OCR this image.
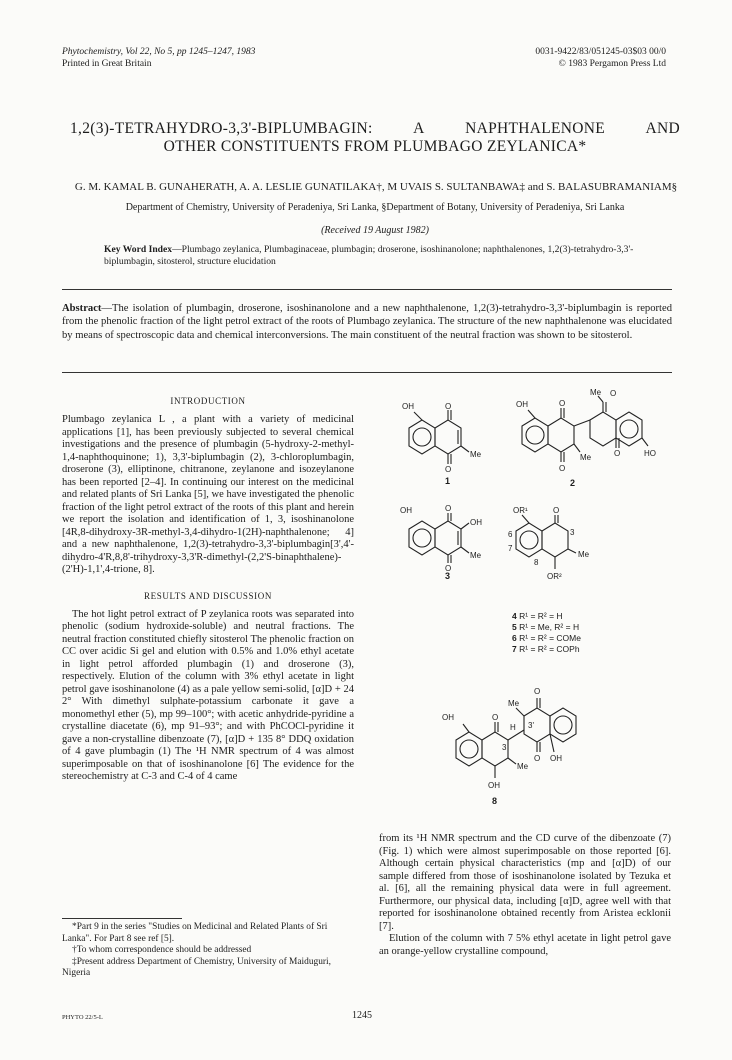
Phytochemistry, Vol 22, No 5, pp 1245–1247, 1983
Printed in Great Britain
0031-9422/83/051245-03$03 00/0
© 1983 Pergamon Press Ltd
1,2(3)-TETRAHYDRO-3,3'-BIPLUMBAGIN:	A	NAPHTHALENONE	AND
OTHER CONSTITUENTS FROM PLUMBAGO ZEYLANICA*
G. M. KAMAL B. GUNAHERATH, A. A. LESLIE GUNATILAKA†, M UVAIS S. SULTANBAWA‡ and S. BALASUBRAMANIAM§
Department of Chemistry, University of Peradeniya, Sri Lanka, §Department of Botany, University of Peradeniya, Sri Lanka
(Received 19 August 1982)
Key Word Index—Plumbago zeylanica, Plumbaginaceae, plumbagin; droserone, isoshinanolone; naphthalenones, 1,2(3)-tetrahydro-3,3'-biplumbagin, sitosterol, structure elucidation
Abstract—The isolation of plumbagin, droserone, isoshinanolone and a new naphthalenone, 1,2(3)-tetrahydro-3,3'-biplumbagin is reported from the phenolic fraction of the light petrol extract of the roots of Plumbago zeylanica. The structure of the new naphthalenone was elucidated by means of spectroscopic data and chemical interconversions. The main constituent of the neutral fraction was shown to be sitosterol.
INTRODUCTION

Plumbago zeylanica L , a plant with a variety of medicinal applications [1], has been previously subjected to several chemical investigations and the presence of plumbagin (5-hydroxy-2-methyl-1,4-naphthoquinone; 1), 3,3'-biplumbagin (2), 3-chloroplumbagin, droserone (3), elliptinone, chitranone, zeylanone and isozeylanone has been reported [2–4]. In continuing our interest on the medicinal and related plants of Sri Lanka [5], we have investigated the phenolic fraction of the light petrol extract of the roots of this plant and herein we report the isolation and identification of 1, 3, isoshinanolone [4R,8-dihydroxy-3R-methyl-3,4-dihydro-1(2H)-naphthalenone; 4] and a new naphthalenone, 1,2(3)-tetrahydro-3,3'-biplumbagin[3',4'-dihydro-4'R,8,8'-trihydroxy-3,3'R-dimethyl-(2,2'S-binaphthalene)-(2'H)-1,1',4-trione, 8].

RESULTS AND DISCUSSION

The hot light petrol extract of P zeylanica roots was separated into phenolic (sodium hydroxide-soluble) and neutral fractions. The neutral fraction constituted chiefly sitosterol The phenolic fraction on CC over acidic Si gel and elution with 0.5% and 1.0% ethyl acetate in light petrol afforded plumbagin (1) and droserone (3), respectively. Elution of the column with 3% ethyl acetate in light petrol gave isoshinanolone (4) as a pale yellow semi-solid, [α]D + 24 2° With dimethyl sulphate-potassium carbonate it gave a monomethyl ether (5), mp 99–100°; with acetic anhydride-pyridine a crystalline diacetate (6), mp 91–93°; and with PhCOCl-pyridine it gave a non-crystalline dibenzoate (7), [α]D + 135 8° DDQ oxidation of 4 gave plumbagin (1) The ¹H NMR spectrum of 4 was almost superimposable on that of isoshinanolone [6] The evidence for the stereochemistry at C-3 and C-4 of 4 came

*Part 9 in the series "Studies on Medicinal and Related Plants of Sri Lanka". For Part 8 see ref [5].

†To whom correspondence should be addressed

‡Present address Department of Chemistry, University of Maiduguri, Nigeria

OH	O
O
Me
1
Me O
OH	O
Me	O	HO
O
2
OH	O
OH
Me
O
3
OR¹	O
6
7
8
3
Me
OR²
4 R¹ = R² = H
5 R¹ = Me, R² = H
6 R¹ = R² = COMe
7 R¹ = R² = COPh
O
Me
OH	O
H 3'
3
Me
O OH
OH
8

from its ¹H NMR spectrum and the CD curve of the dibenzoate (7) (Fig. 1) which were almost superimposable on those reported [6]. Although certain physical characteristics (mp and [α]D) of our sample differed from those of isoshinanolone isolated by Tezuka et al. [6], all the remaining physical data were in full agreement. Furthermore, our physical data, including [α]D, agree well with that reported for isoshinanolone obtained recently from Aristea ecklonii [7].

Elution of the column with 7 5% ethyl acetate in light petrol gave an orange-yellow crystalline compound,

PHYTO 22/5-L	1245
